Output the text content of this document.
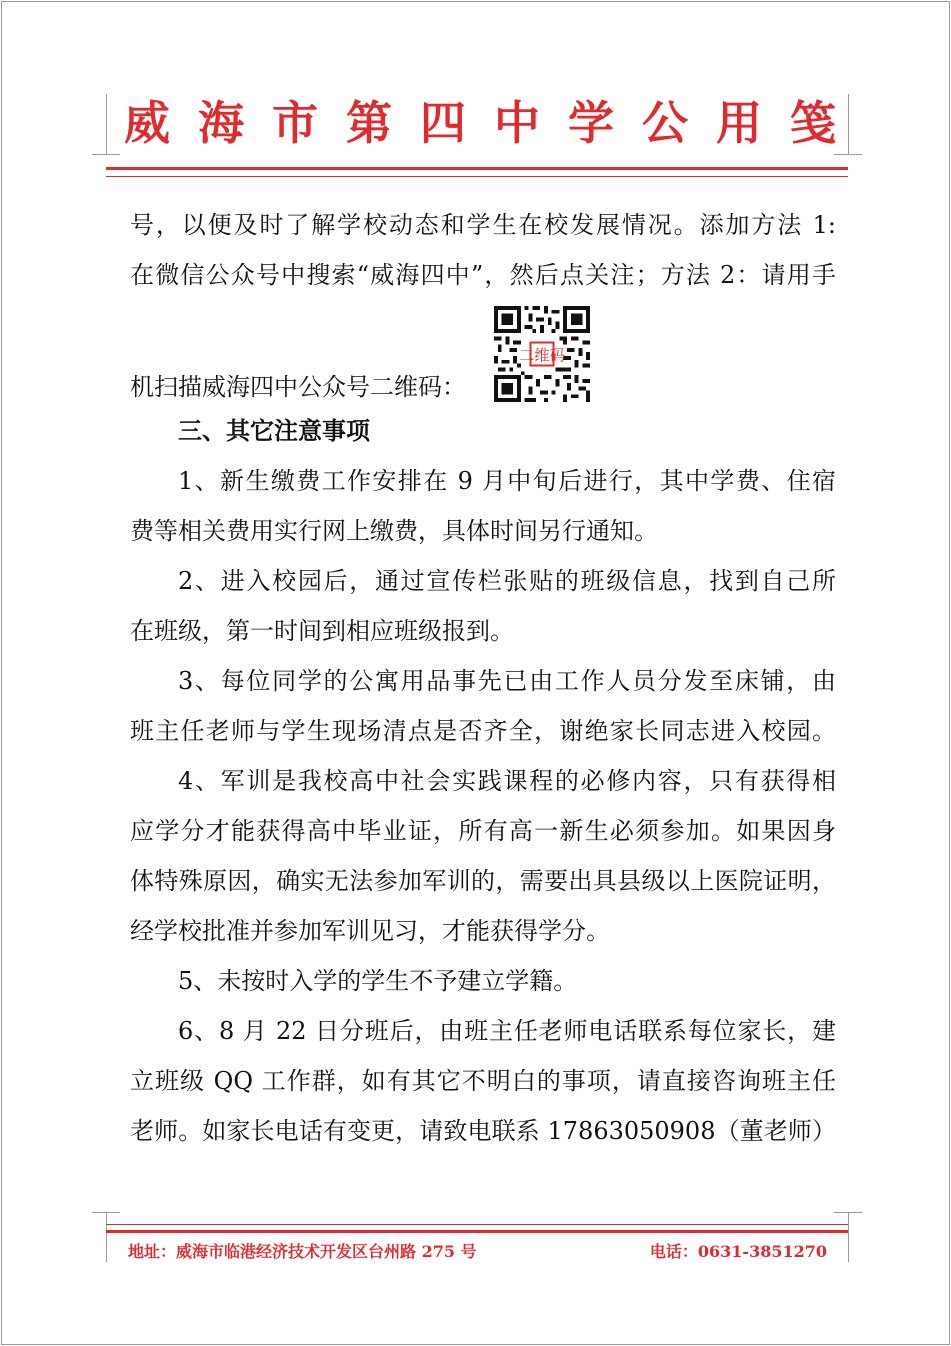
威 海 市 第 四 中 学 公 用 笺

号，以便及时了解学校动态和学生在校发展情况。添加方法 1:

在微信公众号中搜索“威海四中”，然后点关注；方法 2：请用手

机扫描威海四中公众号二维码：
二维码

三、其它注意事项

1、新生缴费工作安排在 9 月中旬后进行，其中学费、住宿

费等相关费用实行网上缴费，具体时间另行通知。

2、进入校园后，通过宣传栏张贴的班级信息，找到自己所

在班级，第一时间到相应班级报到。

3、每位同学的公寓用品事先已由工作人员分发至床铺，由

班主任老师与学生现场清点是否齐全，谢绝家长同志进入校园。

4、军训是我校高中社会实践课程的必修内容，只有获得相

应学分才能获得高中毕业证，所有高一新生必须参加。如果因身

体特殊原因，确实无法参加军训的，需要出具县级以上医院证明，

经学校批准并参加军训见习，才能获得学分。

5、未按时入学的学生不予建立学籍。

6、8 月 22 日分班后，由班主任老师电话联系每位家长，建

立班级 QQ 工作群，如有其它不明白的事项，请直接咨询班主任

老师。如家长电话有变更，请致电联系 17863050908（董老师）

地址：威海市临港经济技术开发区台州路 275 号	电话：0631-3851270
